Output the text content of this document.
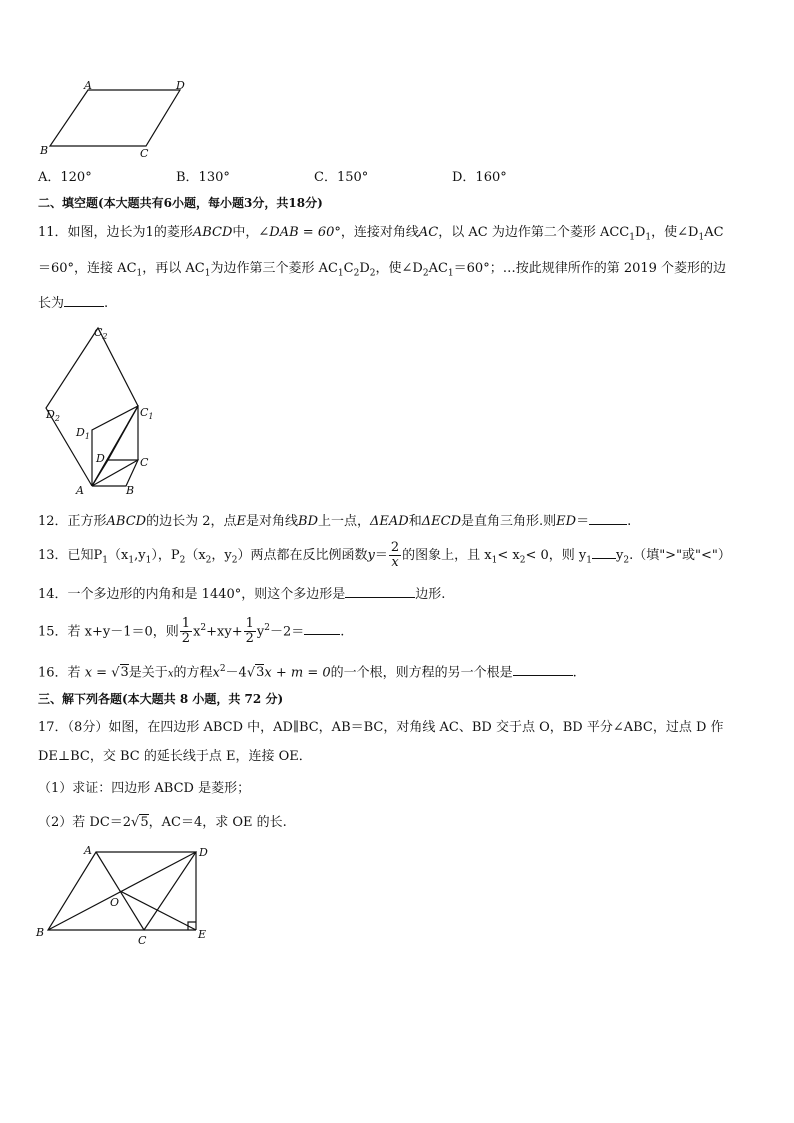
A	D
B	C
A．120°	B．130°	C．150°	D．160°
二、填空题(本大题共有6小题，每小题3分，共18分)
11．如图，边长为1的菱形ABCD中，∠DAB = 60°，连接对角线AC，以 AC 为边作第二个菱形 $ACC_1D_1$，使$\angle D_1AC$
＝60°，连接 $AC_1$，再以 $AC_1$为边作第三个菱形 $AC_1C_2D_2$，使$\angle D_2AC_1=60^\circ$；…按此规律所作的第 2019 个菱形的边
长为	.
$C_2$
$C_1$
$D_2$
$D_1$
D	C
A	B
12．正方形ABCD的边长为 2，点E是对角线BD上一点，ΔEAD和ΔECD是直角三角形.则ED＝	.
13．已知$P_1(x_1,y_1)$，$P_2(x_2$，$y_2$）两点都在反比例函数$y= \frac{2}{x}$ 的图象上，且 $x_1< x_2< 0$，则 $y_1$ $y_2$.（填">"或"<"）
14．一个多边形的内角和是 1440°，则这个多边形是	边形.
15．若 x+y－1＝0，则 $\frac{1}{2} x^2+xy+ \frac{1}{2} y^2-2=$	.
16．若 x = √3是关于x的方程$x^2-4√3x + m = 0$的一个根，则方程的另一个根是	.
三、解下列各题(本大题共 8 小题，共 72 分)
17．（8分）如图，在四边形 ABCD 中，AD∥BC，AB＝BC，对角线 AC、BD 交于点 O，BD 平分∠ABC，过点 D 作
DE⊥BC，交 BC 的延长线于点 E，连接 OE．
（1）求证：四边形 ABCD 是菱形；
（2）若 DC＝2√5，AC＝4，求 OE 的长.
A	D
O
B
C	E
